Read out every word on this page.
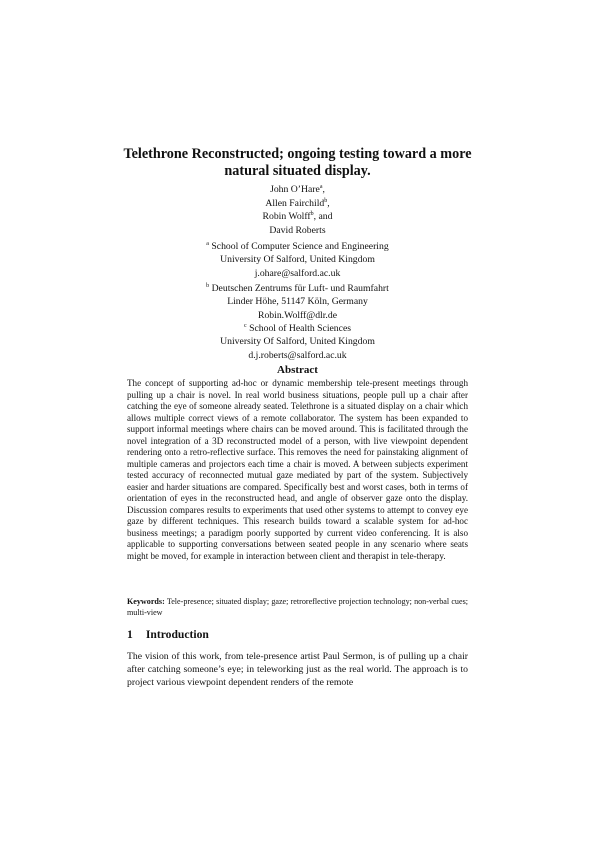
Telethrone Reconstructed; ongoing testing toward a more
natural situated display.
John O’Hare$^a$,
Allen Fairchild$^b$,
Robin Wolff$^b$, and
David Roberts
$^a$ School of Computer Science and Engineering
University Of Salford, United Kingdom
j.ohare@salford.ac.uk
$^b$ Deutschen Zentrums für Luft- und Raumfahrt
Linder Höhe, 51147 Köln, Germany
Robin.Wolff@dlr.de
$^c$ School of Health Sciences
University Of Salford, United Kingdom
d.j.roberts@salford.ac.uk
Abstract

The concept of supporting ad-hoc or dynamic membership tele-present meetings through pulling up a chair is novel. In real world business situations, people pull up a chair after catching the eye of someone already seated. Telethrone is a situated display on a chair which allows multiple correct views of a remote collaborator. The system has been expanded to support informal meetings where chairs can be moved around. This is facilitated through the novel integration of a 3D reconstructed model of a person, with live viewpoint dependent rendering onto a retro-reflective surface. This removes the need for painstaking alignment of multiple cameras and projectors each time a chair is moved. A between subjects experiment tested accuracy of reconnected mutual gaze mediated by part of the system. Subjectively easier and harder situations are compared. Specifically best and worst cases, both in terms of orientation of eyes in the reconstructed head, and angle of observer gaze onto the display. Discussion compares results to experiments that used other systems to attempt to convey eye gaze by different techniques. This research builds toward a scalable system for ad-hoc business meetings; a paradigm poorly supported by current video conferencing. It is also applicable to supporting conversations between seated people in any scenario where seats might be moved, for example in interaction between client and therapist in tele-therapy.

Keywords: Tele-presence; situated display; gaze; retroreflective projection technology; non-verbal cues; multi-view

1 Introduction

The vision of this work, from tele-presence artist Paul Sermon, is of pulling up a chair after catching someone’s eye; in teleworking just as the real world. The approach is to project various viewpoint dependent renders of the remote
